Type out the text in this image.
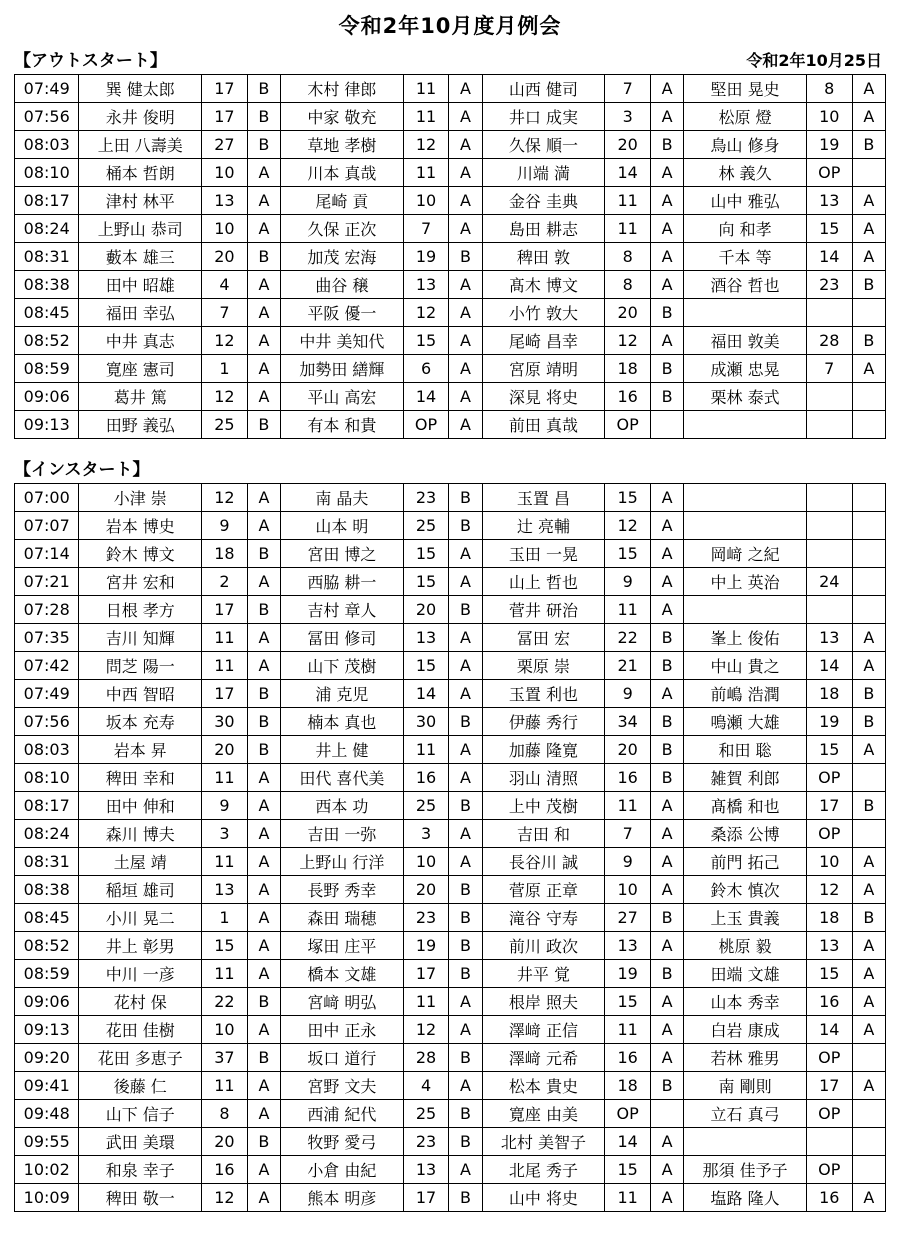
令和2年10月度月例会
【アウトスタート】	令和2年10月25日
07:49	巽 健太郎	17	B	木村 律郎	11	A	山西 健司	7	A	堅田 晃史	8	A
07:56	永井 俊明	17	B	中家 敬充	11	A	井口 成実	3	A	松原 燈	10	A
08:03	上田 八壽美	27	B	草地 孝樹	12	A	久保 順一	20	B	鳥山 修身	19	B
08:10	桶本 哲朗	10	A	川本 真哉	11	A	川端 満	14	A	林 義久	OP	
08:17	津村 林平	13	A	尾崎 貢	10	A	金谷 圭典	11	A	山中 雅弘	13	A
08:24	上野山 恭司	10	A	久保 正次	7	A	島田 耕志	11	A	向 和孝	15	A
08:31	藪本 雄三	20	B	加茂 宏海	19	B	稗田 敦	8	A	千本 等	14	A
08:38	田中 昭雄	4	A	曲谷 穣	13	A	髙木 博文	8	A	酒谷 哲也	23	B
08:45	福田 幸弘	7	A	平阪 優一	12	A	小竹 敦大	20	B			
08:52	中井 真志	12	A	中井 美知代	15	A	尾崎 昌幸	12	A	福田 敦美	28	B
08:59	寛座 憲司	1	A	加勢田 繕輝	6	A	宮原 靖明	18	B	成瀬 忠晃	7	A
09:06	葛井 篤	12	A	平山 高宏	14	A	深見 将史	16	B	栗林 泰式		
09:13	田野 義弘	25	B	有本 和貴	OP	A	前田 真哉	OP				
【インスタート】
07:00	小津 崇	12	A	南 晶夫	23	B	玉置 昌	15	A			
07:07	岩本 博史	9	A	山本 明	25	B	辻 亮輔	12	A			
07:14	鈴木 博文	18	B	宮田 博之	15	A	玉田 一晃	15	A	岡﨑 之紀		
07:21	宮井 宏和	2	A	西脇 耕一	15	A	山上 哲也	9	A	中上 英治	24	
07:28	日根 孝方	17	B	吉村 章人	20	B	菅井 研治	11	A			
07:35	吉川 知輝	11	A	冨田 修司	13	A	冨田 宏	22	B	峯上 俊佑	13	A
07:42	問芝 陽一	11	A	山下 茂樹	15	A	栗原 崇	21	B	中山 貴之	14	A
07:49	中西 智昭	17	B	浦 克児	14	A	玉置 利也	9	A	前嶋 浩潤	18	B
07:56	坂本 充寿	30	B	楠本 真也	30	B	伊藤 秀行	34	B	鳴瀬 大雄	19	B
08:03	岩本 昇	20	B	井上 健	11	A	加藤 隆寛	20	B	和田 聡	15	A
08:10	稗田 幸和	11	A	田代 喜代美	16	A	羽山 清照	16	B	雑賀 利郎	OP	
08:17	田中 伸和	9	A	西本 功	25	B	上中 茂樹	11	A	髙橋 和也	17	B
08:24	森川 博夫	3	A	吉田 一弥	3	A	吉田 和	7	A	桑添 公博	OP	
08:31	土屋 靖	11	A	上野山 行洋	10	A	長谷川 誠	9	A	前門 拓己	10	A
08:38	稲垣 雄司	13	A	長野 秀幸	20	B	菅原 正章	10	A	鈴木 慎次	12	A
08:45	小川 晃二	1	A	森田 瑞穂	23	B	滝谷 守寿	27	B	上玉 貴義	18	B
08:52	井上 彰男	15	A	塚田 庄平	19	B	前川 政次	13	A	桃原 毅	13	A
08:59	中川 一彦	11	A	橋本 文雄	17	B	井平 覚	19	B	田端 文雄	15	A
09:06	花村 保	22	B	宮﨑 明弘	11	A	根岸 照夫	15	A	山本 秀幸	16	A
09:13	花田 佳樹	10	A	田中 正永	12	A	澤﨑 正信	11	A	白岩 康成	14	A
09:20	花田 多恵子	37	B	坂口 道行	28	B	澤﨑 元希	16	A	若林 雅男	OP	
09:41	後藤 仁	11	A	宮野 文夫	4	A	松本 貴史	18	B	南 剛則	17	A
09:48	山下 信子	8	A	西浦 紀代	25	B	寛座 由美	OP		立石 真弓	OP	
09:55	武田 美環	20	B	牧野 愛弓	23	B	北村 美智子	14	A			
10:02	和泉 幸子	16	A	小倉 由紀	13	A	北尾 秀子	15	A	那須 佳予子	OP	
10:09	稗田 敬一	12	A	熊本 明彦	17	B	山中 将史	11	A	塩路 隆人	16	A
